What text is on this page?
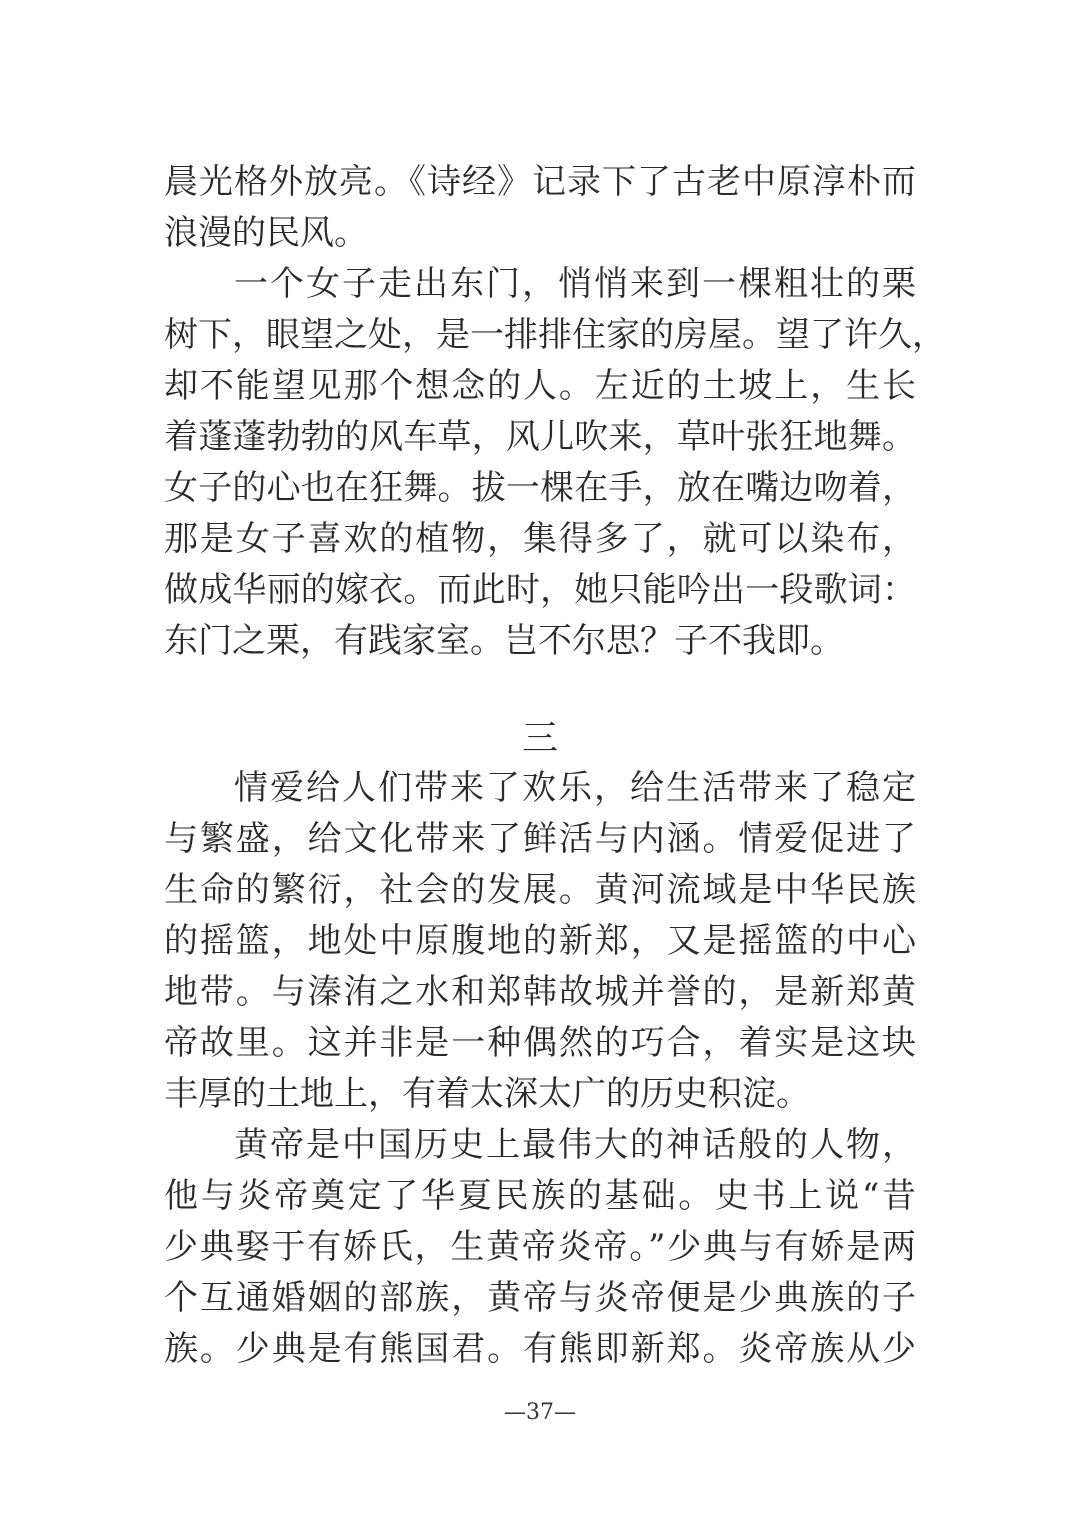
晨光格外放亮。《诗经》记录下了古老中原淳朴而
浪漫的民风。
一个女子走出东门，悄悄来到一棵粗壮的栗
树下，眼望之处，是一排排住家的房屋。望了许久，
却不能望见那个想念的人。左近的土坡上，生长
着蓬蓬勃勃的风车草，风儿吹来，草叶张狂地舞。
女子的心也在狂舞。拔一棵在手，放在嘴边吻着，
那是女子喜欢的植物，集得多了，就可以染布，
做成华丽的嫁衣。而此时，她只能吟出一段歌词：
东门之栗，有践家室。岂不尔思？子不我即。
三
情爱给人们带来了欢乐，给生活带来了稳定
与繁盛，给文化带来了鲜活与内涵。情爱促进了
生命的繁衍，社会的发展。黄河流域是中华民族
的摇篮，地处中原腹地的新郑，又是摇篮的中心
地带。与溱洧之水和郑韩故城并誉的，是新郑黄
帝故里。这并非是一种偶然的巧合，着实是这块
丰厚的土地上，有着太深太广的历史积淀。
黄帝是中国历史上最伟大的神话般的人物，
他与炎帝奠定了华夏民族的基础。史书上说“昔
少典娶于有娇氏，生黄帝炎帝。”少典与有娇是两
个互通婚姻的部族，黄帝与炎帝便是少典族的子
族。少典是有熊国君。有熊即新郑。炎帝族从少
—37—
